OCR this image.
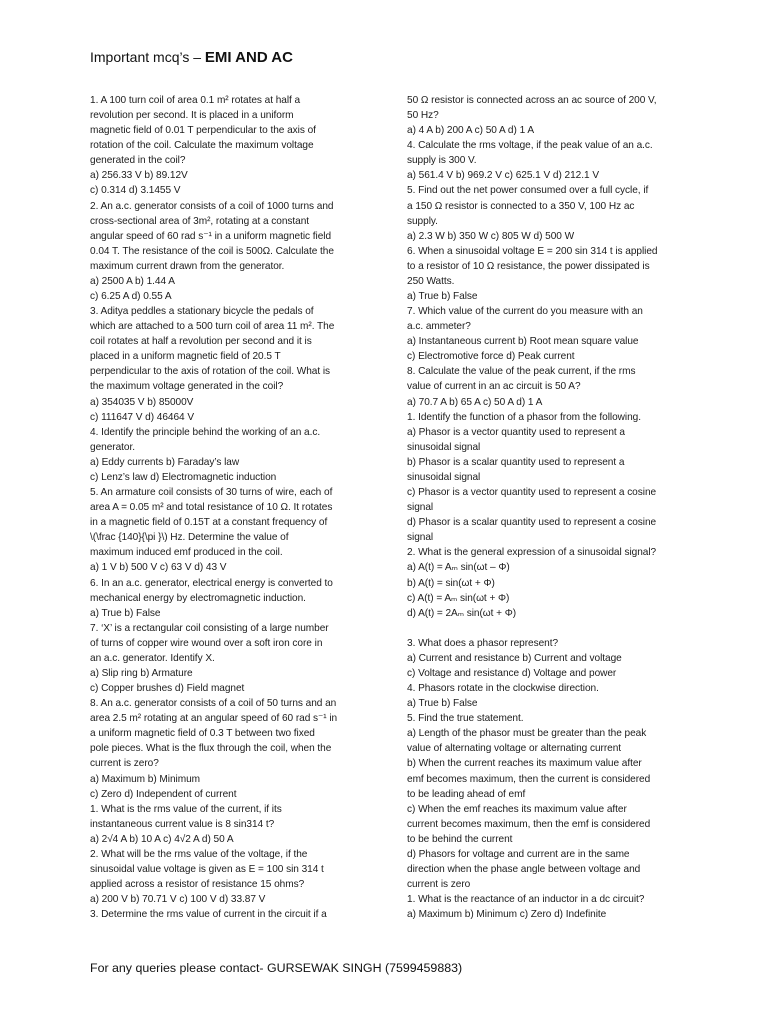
Important mcq’s – EMI AND AC
1. A 100 turn coil of area 0.1 m² rotates at half a
revolution per second. It is placed in a uniform
magnetic field of 0.01 T perpendicular to the axis of
rotation of the coil. Calculate the maximum voltage
generated in the coil?
a) 256.33 V b) 89.12V
c) 0.314 d) 3.1455 V
2. An a.c. generator consists of a coil of 1000 turns and
cross-sectional area of 3m², rotating at a constant
angular speed of 60 rad s⁻¹ in a uniform magnetic field
0.04 T. The resistance of the coil is 500Ω. Calculate the
maximum current drawn from the generator.
a) 2500 A b) 1.44 A
c) 6.25 A d) 0.55 A
3. Aditya peddles a stationary bicycle the pedals of
which are attached to a 500 turn coil of area 11 m². The
coil rotates at half a revolution per second and it is
placed in a uniform magnetic field of 20.5 T
perpendicular to the axis of rotation of the coil. What is
the maximum voltage generated in the coil?
a) 354035 V b) 85000V
c) 111647 V d) 46464 V
4. Identify the principle behind the working of an a.c.
generator.
a) Eddy currents b) Faraday’s law
c) Lenz’s law d) Electromagnetic induction
5. An armature coil consists of 30 turns of wire, each of
area A = 0.05 m² and total resistance of 10 Ω. It rotates
in a magnetic field of 0.15T at a constant frequency of
\(\frac {140}{\pi }\) Hz. Determine the value of
maximum induced emf produced in the coil.
a) 1 V b) 500 V c) 63 V d) 43 V
6. In an a.c. generator, electrical energy is converted to
mechanical energy by electromagnetic induction.
a) True b) False
7. ‘X’ is a rectangular coil consisting of a large number
of turns of copper wire wound over a soft iron core in
an a.c. generator. Identify X.
a) Slip ring b) Armature
c) Copper brushes d) Field magnet
8. An a.c. generator consists of a coil of 50 turns and an
area 2.5 m² rotating at an angular speed of 60 rad s⁻¹ in
a uniform magnetic field of 0.3 T between two fixed
pole pieces. What is the flux through the coil, when the
current is zero?
a) Maximum b) Minimum
c) Zero d) Independent of current
1. What is the rms value of the current, if its
instantaneous current value is 8 sin314 t?
a) 2√4 A b) 10 A c) 4√2 A d) 50 A
2. What will be the rms value of the voltage, if the
sinusoidal value voltage is given as E = 100 sin 314 t
applied across a resistor of resistance 15 ohms?
a) 200 V b) 70.71 V c) 100 V d) 33.87 V
3. Determine the rms value of current in the circuit if a
50 Ω resistor is connected across an ac source of 200 V,
50 Hz?
a) 4 A b) 200 A c) 50 A d) 1 A
4. Calculate the rms voltage, if the peak value of an a.c.
supply is 300 V.
a) 561.4 V b) 969.2 V c) 625.1 V d) 212.1 V
5. Find out the net power consumed over a full cycle, if
a 150 Ω resistor is connected to a 350 V, 100 Hz ac
supply.
a) 2.3 W b) 350 W c) 805 W d) 500 W
6. When a sinusoidal voltage E = 200 sin 314 t is applied
to a resistor of 10 Ω resistance, the power dissipated is
250 Watts.
a) True b) False
7. Which value of the current do you measure with an
a.c. ammeter?
a) Instantaneous current b) Root mean square value
c) Electromotive force d) Peak current
8. Calculate the value of the peak current, if the rms
value of current in an ac circuit is 50 A?
a) 70.7 A b) 65 A c) 50 A d) 1 A
1. Identify the function of a phasor from the following.
a) Phasor is a vector quantity used to represent a
sinusoidal signal
b) Phasor is a scalar quantity used to represent a
sinusoidal signal
c) Phasor is a vector quantity used to represent a cosine
signal
d) Phasor is a scalar quantity used to represent a cosine
signal
2. What is the general expression of a sinusoidal signal?
a) A(t) = Aₘ sin⁡(ωt – Φ)
b) A(t) = sin⁡(ωt + Φ)
c) A(t) = Aₘ sin⁡(ωt + Φ)
d) A(t) = 2Aₘ sin⁡(ωt + Φ)
3. What does a phasor represent?
a) Current and resistance b) Current and voltage
c) Voltage and resistance d) Voltage and power
4. Phasors rotate in the clockwise direction.
a) True b) False
5. Find the true statement.
a) Length of the phasor must be greater than the peak
value of alternating voltage or alternating current
b) When the current reaches its maximum value after
emf becomes maximum, then the current is considered
to be leading ahead of emf
c) When the emf reaches its maximum value after
current becomes maximum, then the emf is considered
to be behind the current
d) Phasors for voltage and current are in the same
direction when the phase angle between voltage and
current is zero
1. What is the reactance of an inductor in a dc circuit?
a) Maximum b) Minimum c) Zero d) Indefinite
For any queries please contact- GURSEWAK SINGH (7599459883)
